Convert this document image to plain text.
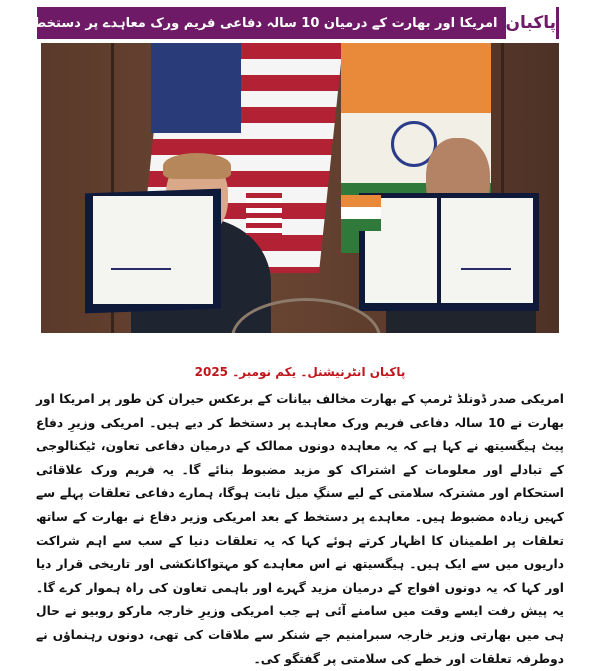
پاکبان
امریکا اور بھارت کے درمیان 10 سالہ دفاعی فریم ورک معاہدے پر دستخط
پاکبان انٹرنیشنل۔ یکم نومبر۔ 2025
امریکی صدر ڈونلڈ ٹرمپ کے بھارت مخالف بیانات کے برعکس حیران کن طور پر امریکا اور بھارت نے 10 سالہ دفاعی فریم ورک معاہدے پر دستخط کر دیے ہیں۔ امریکی وزیرِ دفاع پیٹ ہیگسیتھ نے کہا ہے کہ یہ معاہدہ دونوں ممالک کے درمیان دفاعی تعاون، ٹیکنالوجی کے تبادلے اور معلومات کے اشتراک کو مزید مضبوط بنائے گا۔ یہ فریم ورک علاقائی استحکام اور مشترکہ سلامتی کے لیے سنگِ میل ثابت ہوگا، ہمارے دفاعی تعلقات پہلے سے کہیں زیادہ مضبوط ہیں۔ معاہدے پر دستخط کے بعد امریکی وزیر دفاع نے بھارت کے ساتھ تعلقات پر اطمینان کا اظہار کرتے ہوئے کہا کہ یہ تعلقات دنیا کے سب سے اہم شراکت داریوں میں سے ایک ہیں۔ ہیگسیتھ نے اس معاہدے کو مہتواکانکشی اور تاریخی قرار دیا اور کہا کہ یہ دونوں افواج کے درمیان مزید گہرے اور باہمی تعاون کی راہ ہموار کرے گا۔ یہ پیش رفت ایسے وقت میں سامنے آئی ہے جب امریکی وزیرِ خارجہ مارکو روبیو نے حال ہی میں بھارتی وزیر خارجہ سبرامنیم جے شنکر سے ملاقات کی تھی، دونوں رہنماؤں نے دوطرفہ تعلقات اور خطے کی سلامتی پر گفتگو کی۔
